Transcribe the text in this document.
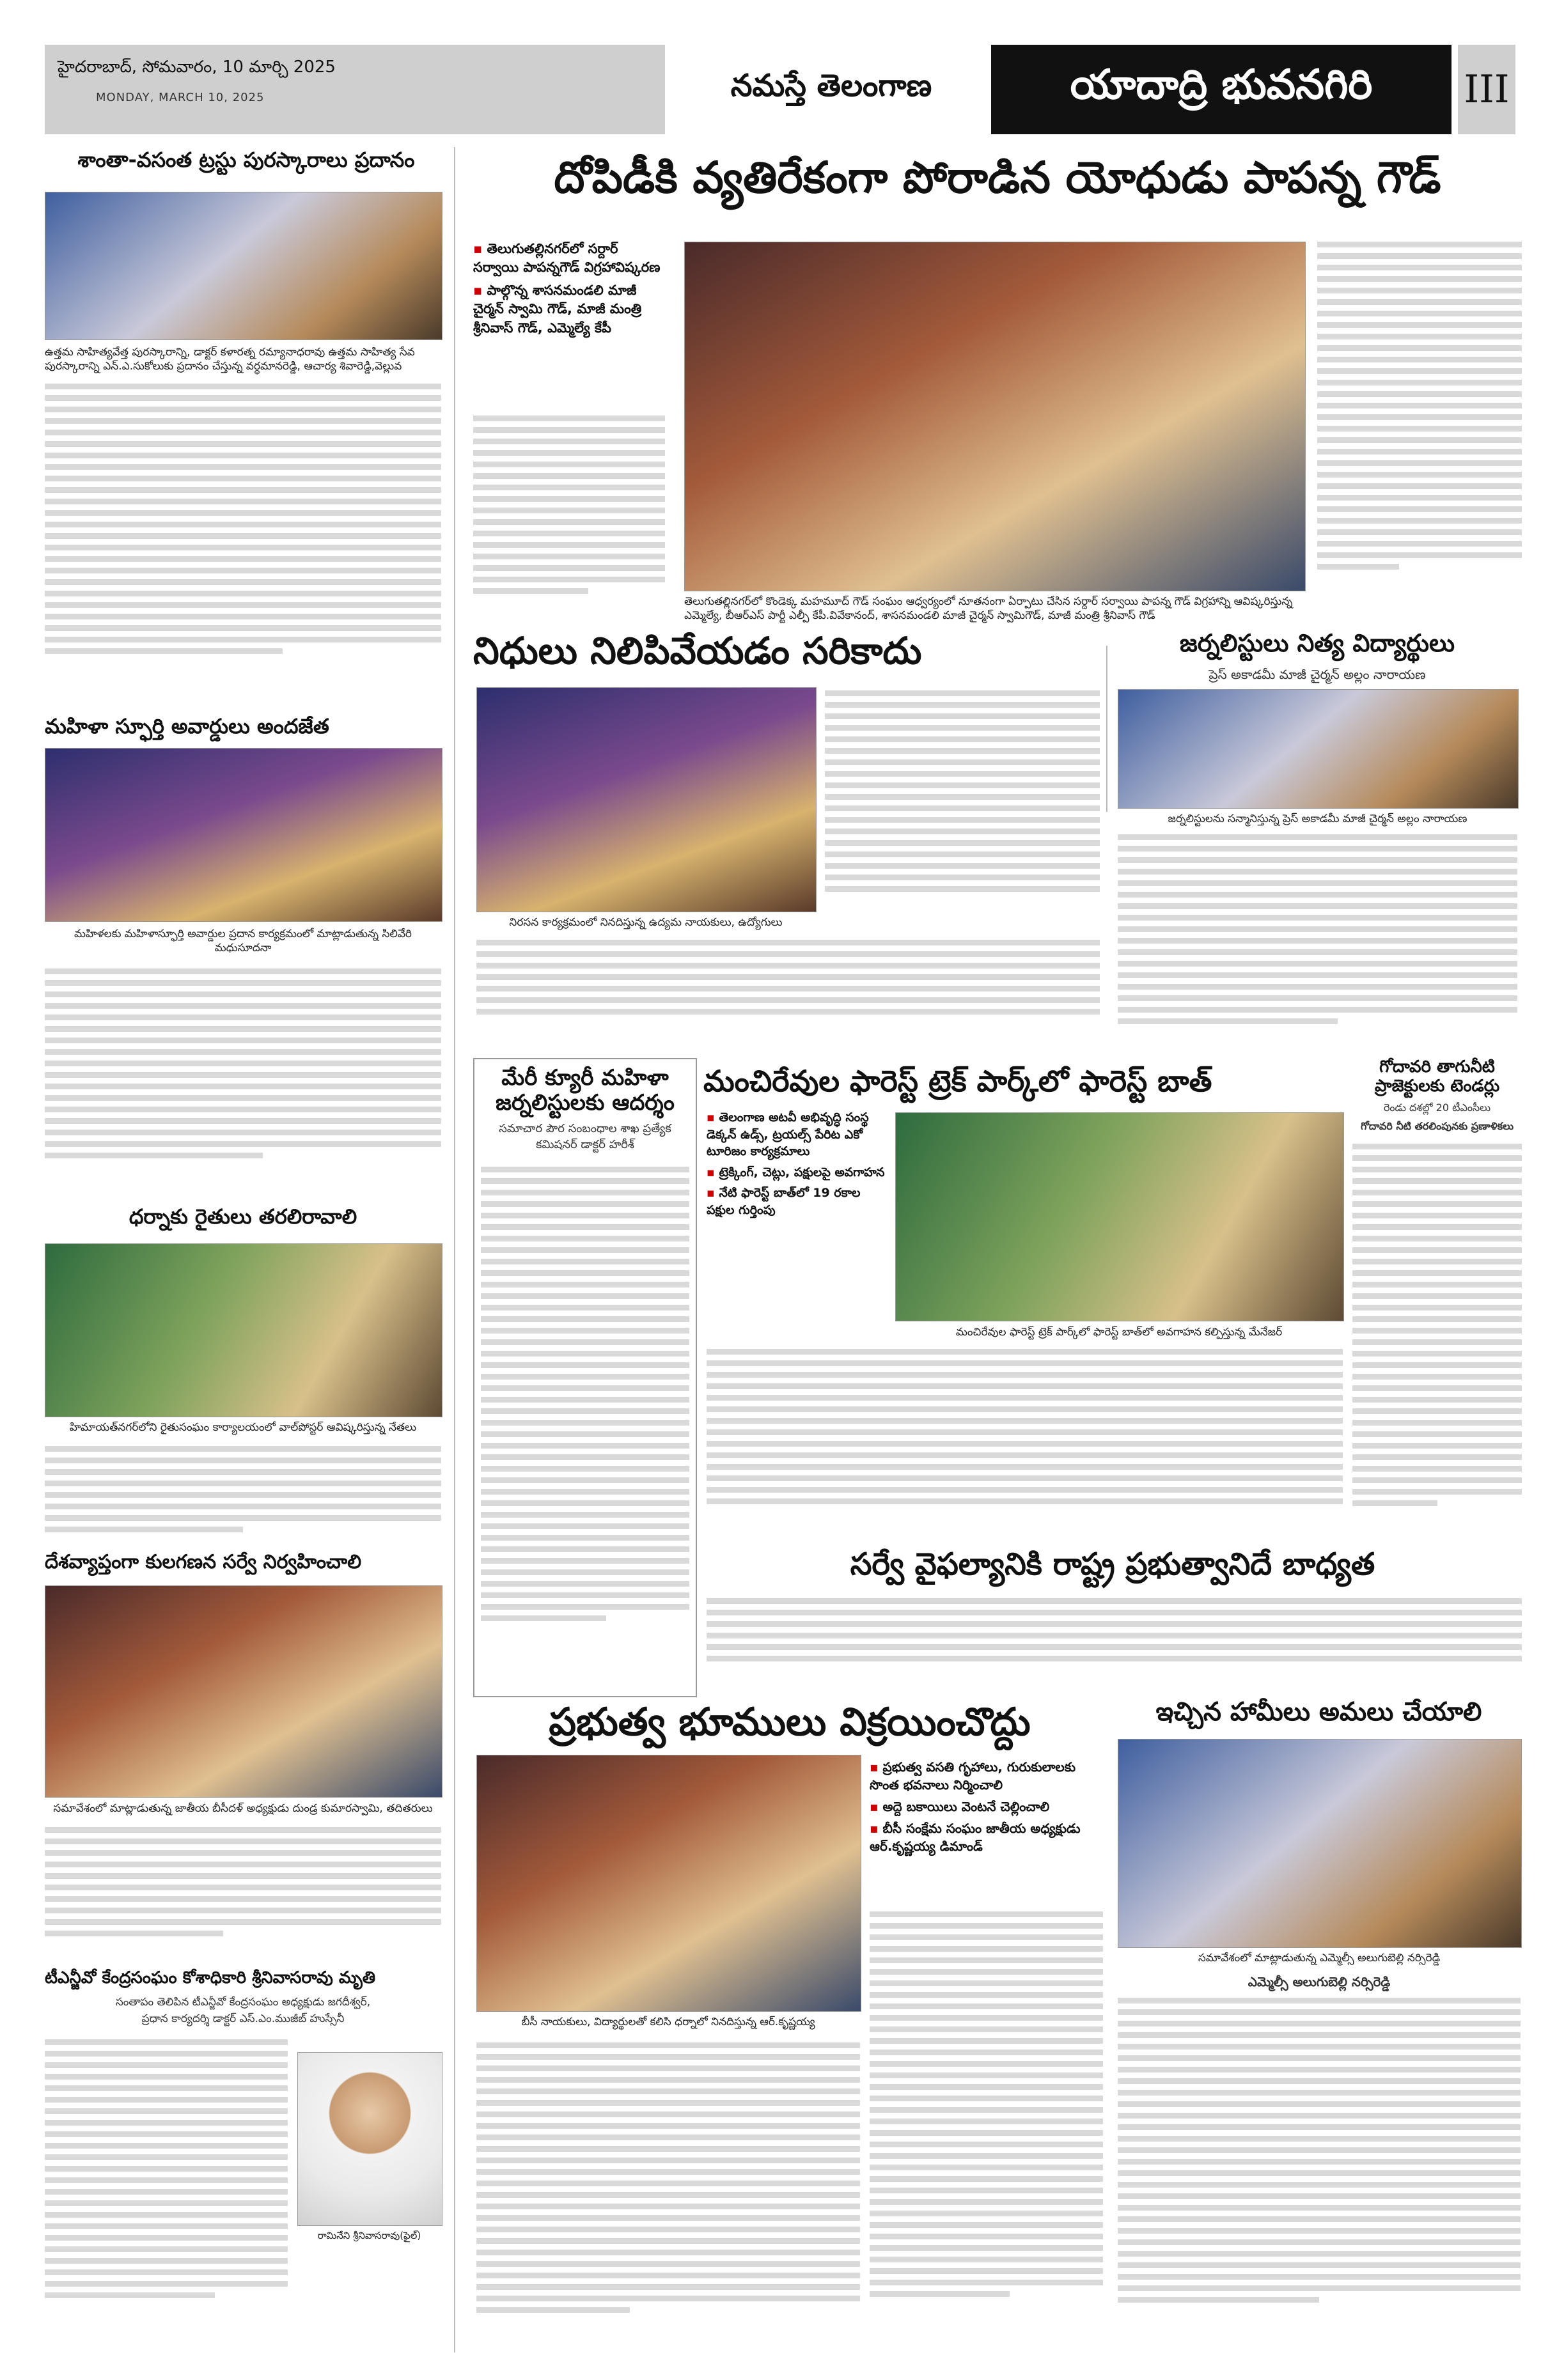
హైదరాబాద్, సోమవారం, 10 మార్చి 2025
MONDAY, MARCH 10, 2025	నమస్తే తెలంగాణ	యాదాద్రి భువనగిరి	III
శాంతా-వసంత ట్రస్టు పురస్కారాలు ప్రదానం
ఉత్తమ సాహిత్యవేత్త పురస్కారాన్ని, డాక్టర్ కళారత్న రమ్యానాధరావు ఉత్తమ సాహిత్య సేవ పురస్కారాన్ని ఎన్.ఎ.సుకోలుకు ప్రదానం చేస్తున్న వర్ధమానరెడ్డి, ఆచార్య శివారెడ్డి,వెల్లువ
మహిళా స్ఫూర్తి అవార్డులు అందజేత
మహిళలకు మహిళాస్ఫూర్తి అవార్డుల ప్రదాన కార్యక్రమంలో మాట్లాడుతున్న సిలివేరి మధుసూదనా
ధర్నాకు రైతులు తరలిరావాలి
హిమాయత్‌నగర్‌లోని రైతుసంఘం కార్యాలయంలో వాల్‌పోస్టర్ ఆవిష్కరిస్తున్న నేతలు
దేశవ్యాప్తంగా కులగణన సర్వే నిర్వహించాలి
సమావేశంలో మాట్లాడుతున్న జాతీయ బీసీదళ్ అధ్యక్షుడు దుండ్ర కుమారస్వామి, తదితరులు
టీఎన్జీవో కేంద్రసంఘం కోశాధికారి శ్రీనివాసరావు మృతి
సంతాపం తెలిపిన టీఎన్జీవో కేంద్రసంఘం అధ్యక్షుడు జగదీశ్వర్,
ప్రధాన కార్యదర్శి డాక్టర్ ఎస్.ఎం.ముజీబ్ హుస్సేనీ
రామినేని శ్రీనివాసరావు(ఫైల్)
దోపిడీకి వ్యతిరేకంగా పోరాడిన యోధుడు పాపన్న గౌడ్
▪ తెలుగుతల్లినగర్‌లో సర్దార్ సర్వాయి పాపన్నగౌడ్ విగ్రహావిష్కరణ
▪ పాల్గొన్న శాసనమండలి మాజీ చైర్మన్ స్వామి గౌడ్, మాజీ మంత్రి శ్రీనివాస్ గౌడ్, ఎమ్మెల్యే కేపీ
తెలుగుతల్లినగర్‌లో కొండెక్క మహమూద్ గౌడ్ సంఘం ఆధ్వర్యంలో నూతనంగా ఏర్పాటు చేసిన సర్దార్ సర్వాయి పాపన్న గౌడ్ విగ్రహాన్ని ఆవిష్కరిస్తున్న ఎమ్మెల్యే, బీఆర్ఎస్ పార్టీ ఎల్పీ కేపీ.వివేకానంద్, శాసనమండలి మాజీ చైర్మన్ స్వామిగౌడ్, మాజీ మంత్రి శ్రీనివాస్ గౌడ్
నిధులు నిలిపివేయడం సరికాదు
నిరసన కార్యక్రమంలో నినదిస్తున్న ఉద్యమ నాయకులు, ఉద్యోగులు
జర్నలిస్టులు నిత్య విద్యార్థులు
ప్రెస్ అకాడమీ మాజీ చైర్మన్ అల్లం నారాయణ
జర్నలిస్టులను సన్మానిస్తున్న ప్రెస్ అకాడమీ మాజీ చైర్మన్ అల్లం నారాయణ
మేరీ క్యూరీ మహిళా జర్నలిస్టులకు ఆదర్శం
సమాచార పౌర సంబంధాల శాఖ ప్రత్యేక కమిషనర్ డాక్టర్ హరీశ్
మంచిరేవుల ఫారెస్ట్ ట్రెక్ పార్క్‌లో ఫారెస్ట్ బాత్
▪ తెలంగాణ అటవీ అభివృద్ధి సంస్థ డెక్కన్ ఉడ్స్, ట్రయల్స్ పేరిట ఎకో టూరిజం కార్యక్రమాలు
▪ ట్రెక్కింగ్, చెట్లు, పక్షులపై అవగాహన
▪ నేటి ఫారెస్ట్ బాత్‌లో 19 రకాల పక్షుల గుర్తింపు
మంచిరేవుల ఫారెస్ట్ ట్రెక్ పార్క్‌లో ఫారెస్ట్ బాత్‌లో అవగాహన కల్పిస్తున్న మేనేజర్
గోదావరి తాగునీటి ప్రాజెక్టులకు టెండర్లు
రెండు దశల్లో 20 టీఎంసీలు
గోదావరి నీటి తరలింపునకు ప్రణాళికలు
సర్వే వైఫల్యానికి రాష్ట్ర ప్రభుత్వానిదే బాధ్యత
ప్రభుత్వ భూములు విక్రయించొద్దు
బీసీ నాయకులు, విద్యార్థులతో కలిసి ధర్నాలో నినదిస్తున్న ఆర్.కృష్ణయ్య
▪ ప్రభుత్వ వసతి గృహాలు, గురుకులాలకు సొంత భవనాలు నిర్మించాలి
▪ అద్దె బకాయిలు వెంటనే చెల్లించాలి
▪ బీసీ సంక్షేమ సంఘం జాతీయ అధ్యక్షుడు ఆర్.కృష్ణయ్య డిమాండ్
ఇచ్చిన హామీలు అమలు చేయాలి
సమావేశంలో మాట్లాడుతున్న ఎమ్మెల్సీ అలుగుబెల్లి నర్సిరెడ్డి
ఎమ్మెల్సీ అలుగుబెల్లి నర్సిరెడ్డి
